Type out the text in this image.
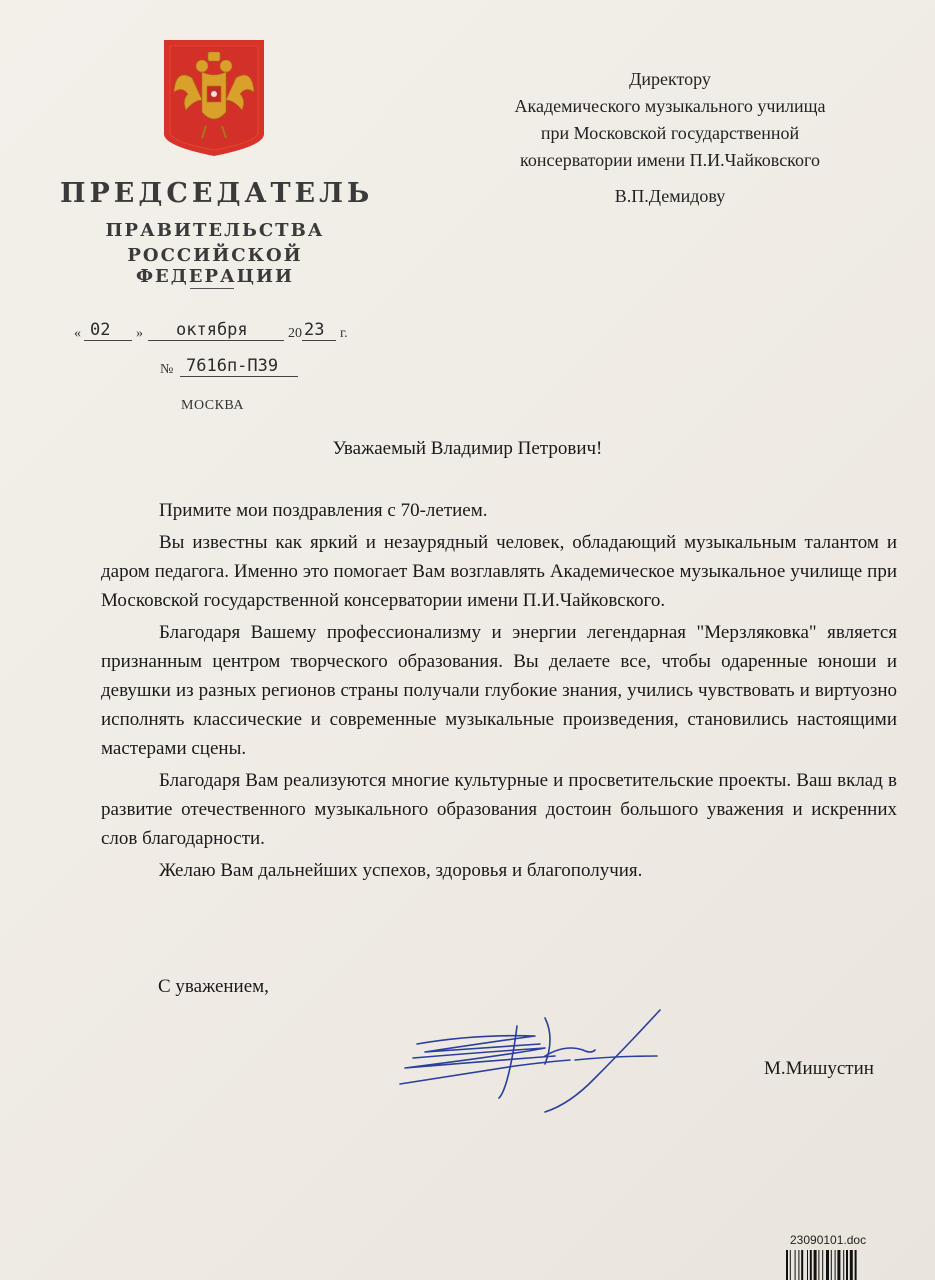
ПРЕДСЕДАТЕЛЬ
ПРАВИТЕЛЬСТВА
РОССИЙСКОЙ ФЕДЕРАЦИИ
« 02 » октября	20 23 г.
№ 7616п-П39
МОСКВА
Директору
Академического музыкального училища
при Московской государственной
консерватории имени П.И.Чайковского
В.П.Демидову
Уважаемый Владимир Петрович!

Примите мои поздравления с 70-летием.

Вы известны как яркий и незаурядный человек, обладающий музыкальным талантом и даром педагога. Именно это помогает Вам возглавлять Академическое музыкальное училище при Московской государственной консерватории имени П.И.Чайковского.

Благодаря Вашему профессионализму и энергии легендарная "Мерзляковка" является признанным центром творческого образования. Вы делаете все, чтобы одаренные юноши и девушки из разных регионов страны получали глубокие знания, учились чувствовать и виртуозно исполнять классические и современные музыкальные произведения, становились настоящими мастерами сцены.

Благодаря Вам реализуются многие культурные и просветительские проекты. Ваш вклад в развитие отечественного музыкального образования достоин большого уважения и искренних слов благодарности.

Желаю Вам дальнейших успехов, здоровья и благополучия.

С уважением,
М.Мишустин
23090101.doc
